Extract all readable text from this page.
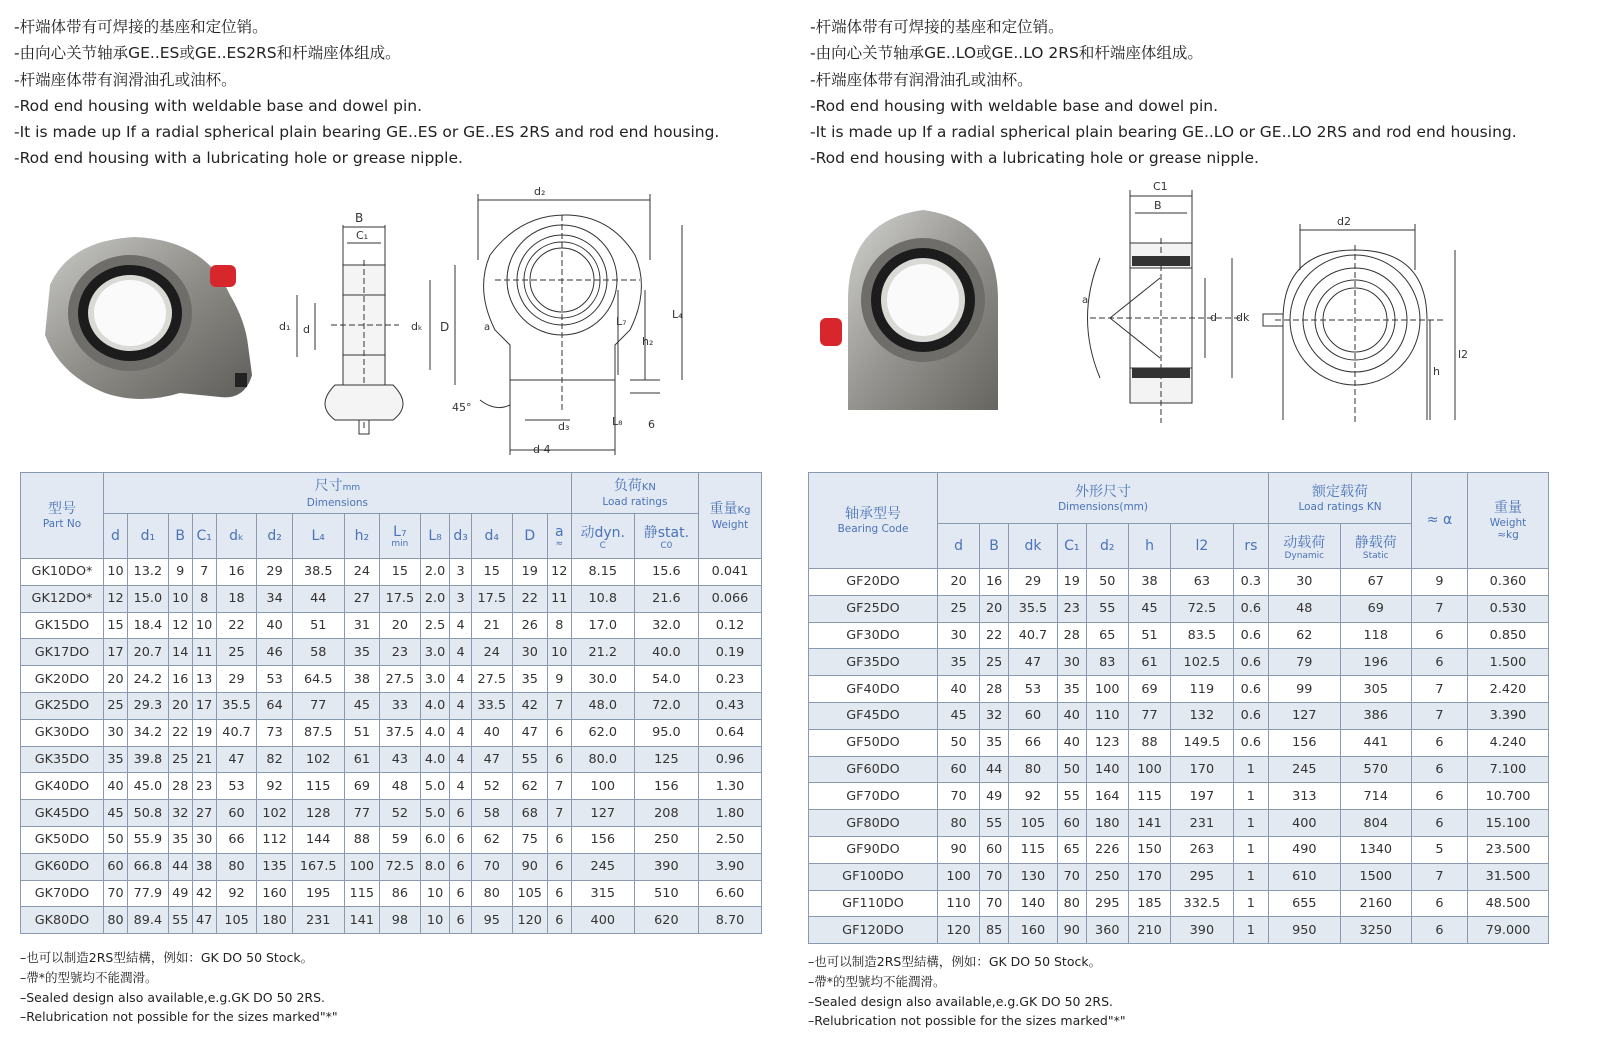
-杆端体带有可焊接的基座和定位销。
-由向心关节轴承GE..ES或GE..ES2RS和杆端座体组成。
-杆端座体带有润滑油孔或油杯。
-Rod end housing with weldable base and dowel pin.
-It is made up If a radial spherical plain bearing GE..ES or GE..ES 2RS and rod end housing.
-Rod end housing with a lubricating hole or grease nipple.
B
C₁
d₁ d	dₖ D
d₂
L₄
L₇
h₂
L₈ 6
d₃
d 4
45°
a
型号
Part No	尺寸mm
Dimensions														负荷KN
Load ratings		重量Kg
Weight

	d	d₁	B	C₁	dₖ	d₂	L₄	h₂	L₇
min	L₈	d₃	d₄	D	a
≈	动dyn.
C	静stat.
C0	

GK10DO*	10	13.2	9	7	16	29	38.5	24	15	2.0	3	15	19	12	8.15	15.6	0.041
GK12DO*	12	15.0	10	8	18	34	44	27	17.5	2.0	3	17.5	22	11	10.8	21.6	0.066
GK15DO	15	18.4	12	10	22	40	51	31	20	2.5	4	21	26	8	17.0	32.0	0.12
GK17DO	17	20.7	14	11	25	46	58	35	23	3.0	4	24	30	10	21.2	40.0	0.19
GK20DO	20	24.2	16	13	29	53	64.5	38	27.5	3.0	4	27.5	35	9	30.0	54.0	0.23
GK25DO	25	29.3	20	17	35.5	64	77	45	33	4.0	4	33.5	42	7	48.0	72.0	0.43
GK30DO	30	34.2	22	19	40.7	73	87.5	51	37.5	4.0	4	40	47	6	62.0	95.0	0.64
GK35DO	35	39.8	25	21	47	82	102	61	43	4.0	4	47	55	6	80.0	125	0.96
GK40DO	40	45.0	28	23	53	92	115	69	48	5.0	4	52	62	7	100	156	1.30
GK45DO	45	50.8	32	27	60	102	128	77	52	5.0	6	58	68	7	127	208	1.80
GK50DO	50	55.9	35	30	66	112	144	88	59	6.0	6	62	75	6	156	250	2.50
GK60DO	60	66.8	44	38	80	135	167.5	100	72.5	8.0	6	70	90	6	245	390	3.90
GK70DO	70	77.9	49	42	92	160	195	115	86	10	6	80	105	6	315	510	6.60
GK80DO	80	89.4	55	47	105	180	231	141	98	10	6	95	120	6	400	620	8.70
–也可以制造2RS型結構，例如：GK DO 50 Stock。
–帶*的型號均不能潤滑。
–Sealed design also available,e.g.GK DO 50 2RS.
–Relubrication not possible for the sizes marked"*"
-杆端体带有可焊接的基座和定位销。
-由向心关节轴承GE..LO或GE..LO 2RS和杆端座体组成。
-杆端座体带有润滑油孔或油杯。
-Rod end housing with weldable base and dowel pin.
-It is made up If a radial spherical plain bearing GE..LO or GE..LO 2RS and rod end housing.
-Rod end housing with a lubricating hole or grease nipple.
C1
B
d dk
a
d2
h
l2
轴承型号
Bearing Code	外形尺寸
Dimensions(mm)								额定载荷
Load ratings KN		≈ α	重量
Weight
≈kg

	d	B	dk	C₁	d₂	h	l2	rs	动载荷
Dynamic	静载荷
Static		

GF20DO	20	16	29	19	50	38	63	0.3	30	67	9	0.360
GF25DO	25	20	35.5	23	55	45	72.5	0.6	48	69	7	0.530
GF30DO	30	22	40.7	28	65	51	83.5	0.6	62	118	6	0.850
GF35DO	35	25	47	30	83	61	102.5	0.6	79	196	6	1.500
GF40DO	40	28	53	35	100	69	119	0.6	99	305	7	2.420
GF45DO	45	32	60	40	110	77	132	0.6	127	386	7	3.390
GF50DO	50	35	66	40	123	88	149.5	0.6	156	441	6	4.240
GF60DO	60	44	80	50	140	100	170	1	245	570	6	7.100
GF70DO	70	49	92	55	164	115	197	1	313	714	6	10.700
GF80DO	80	55	105	60	180	141	231	1	400	804	6	15.100
GF90DO	90	60	115	65	226	150	263	1	490	1340	5	23.500
GF100DO	100	70	130	70	250	170	295	1	610	1500	7	31.500
GF110DO	110	70	140	80	295	185	332.5	1	655	2160	6	48.500
GF120DO	120	85	160	90	360	210	390	1	950	3250	6	79.000
–也可以制造2RS型結構，例如：GK DO 50 Stock。
–帶*的型號均不能潤滑。
–Sealed design also available,e.g.GK DO 50 2RS.
–Relubrication not possible for the sizes marked"*"
